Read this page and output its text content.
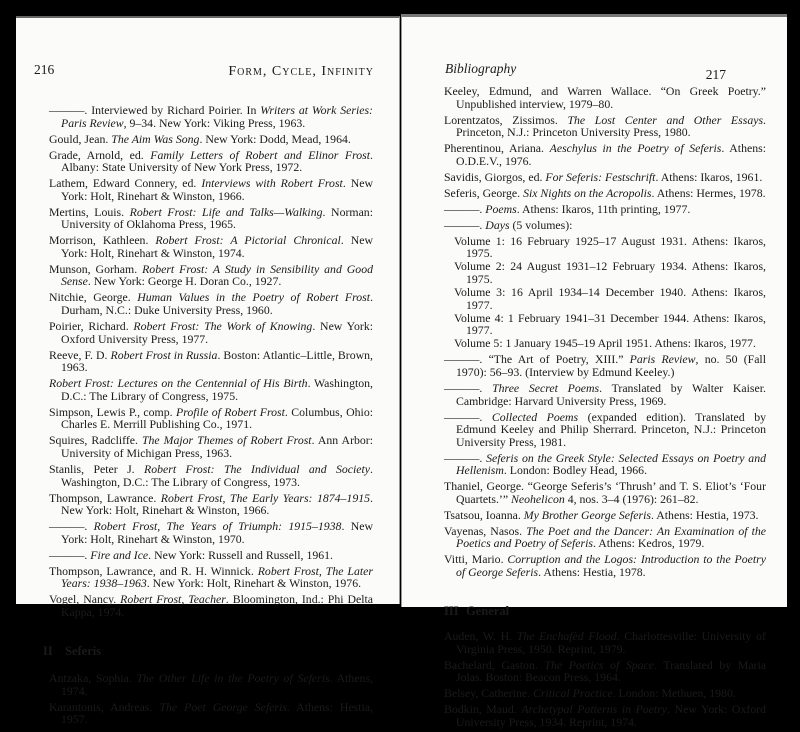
216	Form, Cycle, Infinity
———. Interviewed by Richard Poirier. In Writers at Work Series: Paris Review, 9–34. New York: Viking Press, 1963.
Gould, Jean. The Aim Was Song. New York: Dodd, Mead, 1964.
Grade, Arnold, ed. Family Letters of Robert and Elinor Frost. Albany: State University of New York Press, 1972.
Lathem, Edward Connery, ed. Interviews with Robert Frost. New York: Holt, Rinehart & Winston, 1966.
Mertins, Louis. Robert Frost: Life and Talks—Walking. Norman: University of Oklahoma Press, 1965.
Morrison, Kathleen. Robert Frost: A Pictorial Chronical. New York: Holt, Rinehart & Winston, 1974.
Munson, Gorham. Robert Frost: A Study in Sensibility and Good Sense. New York: George H. Doran Co., 1927.
Nitchie, George. Human Values in the Poetry of Robert Frost. Durham, N.C.: Duke University Press, 1960.
Poirier, Richard. Robert Frost: The Work of Knowing. New York: Oxford University Press, 1977.
Reeve, F. D. Robert Frost in Russia. Boston: Atlantic–Little, Brown, 1963.
Robert Frost: Lectures on the Centennial of His Birth. Washington, D.C.: The Library of Congress, 1975.
Simpson, Lewis P., comp. Profile of Robert Frost. Columbus, Ohio: Charles E. Merrill Publishing Co., 1971.
Squires, Radcliffe. The Major Themes of Robert Frost. Ann Arbor: University of Michigan Press, 1963.
Stanlis, Peter J. Robert Frost: The Individual and Society. Washington, D.C.: The Library of Congress, 1973.
Thompson, Lawrance. Robert Frost, The Early Years: 1874–1915. New York: Holt, Rinehart & Winston, 1966.
———. Robert Frost, The Years of Triumph: 1915–1938. New York: Holt, Rinehart & Winston, 1970.
———. Fire and Ice. New York: Russell and Russell, 1961.
Thompson, Lawrance, and R. H. Winnick. Robert Frost, The Later Years: 1938–1963. New York: Holt, Rinehart & Winston, 1976.
Vogel, Nancy. Robert Frost, Teacher. Bloomington, Ind.: Phi Delta Kappa, 1974.
II Seferis
Antzaka, Sophia. The Other Life in the Poetry of Seferis. Athens, 1974.
Karantonis, Andreas. The Poet George Seferis. Athens: Hestia, 1957.
Bibliography	217
Keeley, Edmund, and Warren Wallace. “On Greek Poetry.” Unpublished interview, 1979–80.
Lorentzatos, Zissimos. The Lost Center and Other Essays. Princeton, N.J.: Princeton University Press, 1980.
Pherentinou, Ariana. Aeschylus in the Poetry of Seferis. Athens: O.D.E.V., 1976.
Savidis, Giorgos, ed. For Seferis: Festschrift. Athens: Ikaros, 1961.
Seferis, George. Six Nights on the Acropolis. Athens: Hermes, 1978.
———. Poems. Athens: Ikaros, 11th printing, 1977.
———. Days (5 volumes):
Volume 1: 16 February 1925–17 August 1931. Athens: Ikaros, 1975.
Volume 2: 24 August 1931–12 February 1934. Athens: Ikaros, 1975.
Volume 3: 16 April 1934–14 December 1940. Athens: Ikaros, 1977.
Volume 4: 1 February 1941–31 December 1944. Athens: Ikaros, 1977.
Volume 5: 1 January 1945–19 April 1951. Athens: Ikaros, 1977.
———. “The Art of Poetry, XIII.” Paris Review, no. 50 (Fall 1970): 56–93. (Interview by Edmund Keeley.)
———. Three Secret Poems. Translated by Walter Kaiser. Cambridge: Harvard University Press, 1969.
———. Collected Poems (expanded edition). Translated by Edmund Keeley and Philip Sherrard. Princeton, N.J.: Princeton University Press, 1981.
———. Seferis on the Greek Style: Selected Essays on Poetry and Hellenism. London: Bodley Head, 1966.
Thaniel, George. “George Seferis’s ‘Thrush’ and T. S. Eliot’s ‘Four Quartets.’” Neohelicon 4, nos. 3–4 (1976): 261–82.
Tsatsou, Ioanna. My Brother George Seferis. Athens: Hestia, 1973.
Vayenas, Nasos. The Poet and the Dancer: An Examination of the Poetics and Poetry of Seferis. Athens: Kedros, 1979.
Vitti, Mario. Corruption and the Logos: Introduction to the Poetry of George Seferis. Athens: Hestia, 1978.
III General
Auden, W. H. The Enchafèd Flood. Charlottesville: University of Virginia Press, 1950. Reprint, 1979.
Bachelard, Gaston. The Poetics of Space. Translated by Maria Jolas. Boston: Beacon Press, 1964.
Belsey, Catherine. Critical Practice. London: Methuen, 1980.
Bodkin, Maud. Archetypal Patterns in Poetry. New York: Oxford University Press, 1934. Reprint, 1974.
